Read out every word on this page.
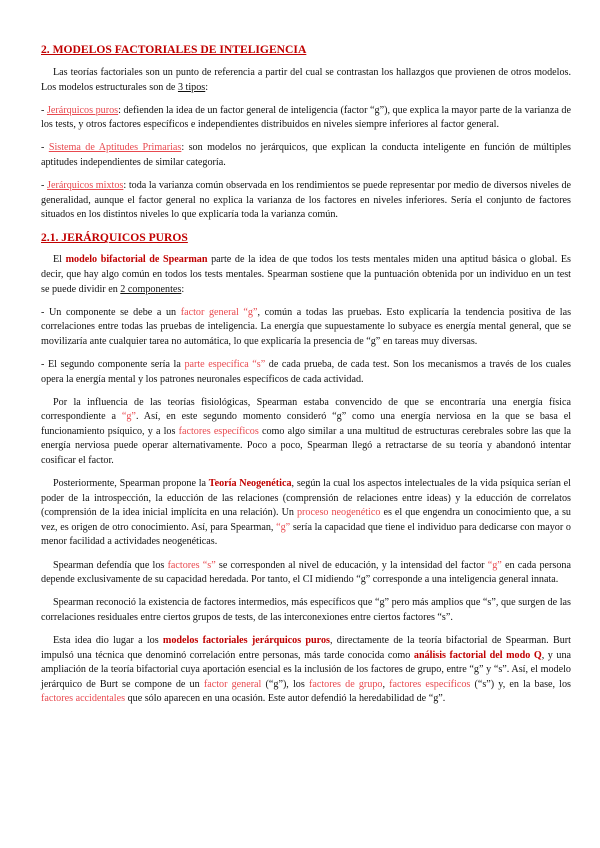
2. MODELOS FACTORIALES DE INTELIGENCIA

Las teorías factoriales son un punto de referencia a partir del cual se contrastan los hallazgos que provienen de otros modelos. Los modelos estructurales son de 3 tipos:

- Jerárquicos puros: defienden la idea de un factor general de inteligencia (factor “g”), que explica la mayor parte de la varianza de los tests, y otros factores específicos e independientes distribuidos en niveles siempre inferiores al factor general.

- Sistema de Aptitudes Primarias: son modelos no jerárquicos, que explican la conducta inteligente en función de múltiples aptitudes independientes de similar categoría.

- Jerárquicos mixtos: toda la varianza común observada en los rendimientos se puede representar por medio de diversos niveles de generalidad, aunque el factor general no explica la varianza de los factores en niveles inferiores. Sería el conjunto de factores situados en los distintos niveles lo que explicaría toda la varianza común.

2.1. JERÁRQUICOS PUROS

El modelo bifactorial de Spearman parte de la idea de que todos los tests mentales miden una aptitud básica o global. Es decir, que hay algo común en todos los tests mentales. Spearman sostiene que la puntuación obtenida por un individuo en un test se puede dividir en 2 componentes:

- Un componente se debe a un factor general “g”, común a todas las pruebas. Esto explicaría la tendencia positiva de las correlaciones entre todas las pruebas de inteligencia. La energía que supuestamente lo subyace es energía mental general, que se movilizaría ante cualquier tarea no automática, lo que explicaría la presencia de “g” en tareas muy diversas.

- El segundo componente sería la parte específica “s” de cada prueba, de cada test. Son los mecanismos a través de los cuales opera la energía mental y los patrones neuronales específicos de cada actividad.

Por la influencia de las teorías fisiológicas, Spearman estaba convencido de que se encontraría una energía física correspondiente a “g”. Así, en este segundo momento consideró “g” como una energía nerviosa en la que se basa el funcionamiento psíquico, y a los factores específicos como algo similar a una multitud de estructuras cerebrales sobre las que la energía nerviosa puede operar alternativamente. Poco a poco, Spearman llegó a retractarse de su teoría y abandonó intentar cosificar el factor.

Posteriormente, Spearman propone la Teoría Neogenética, según la cual los aspectos intelectuales de la vida psíquica serían el poder de la introspección, la educción de las relaciones (comprensión de relaciones entre ideas) y la educción de correlatos (comprensión de la idea inicial implícita en una relación). Un proceso neogenético es el que engendra un conocimiento que, a su vez, es origen de otro conocimiento. Así, para Spearman, “g” sería la capacidad que tiene el individuo para dedicarse con mayor o menor facilidad a actividades neogenéticas.

Spearman defendía que los factores “s” se corresponden al nivel de educación, y la intensidad del factor “g” en cada persona depende exclusivamente de su capacidad heredada. Por tanto, el CI midiendo “g” corresponde a una inteligencia general innata.

Spearman reconoció la existencia de factores intermedios, más específicos que “g” pero más amplios que “s”, que surgen de las correlaciones residuales entre ciertos grupos de tests, de las interconexiones entre ciertos factores “s”.

Esta idea dio lugar a los modelos factoriales jerárquicos puros, directamente de la teoría bifactorial de Spearman. Burt impulsó una técnica que denominó correlación entre personas, más tarde conocida como análisis factorial del modo Q, y una ampliación de la teoría bifactorial cuya aportación esencial es la inclusión de los factores de grupo, entre “g” y “s”. Así, el modelo jerárquico de Burt se compone de un factor general (“g”), los factores de grupo, factores específicos (“s”) y, en la base, los factores accidentales que sólo aparecen en una ocasión. Este autor defendió la heredabilidad de “g”.
